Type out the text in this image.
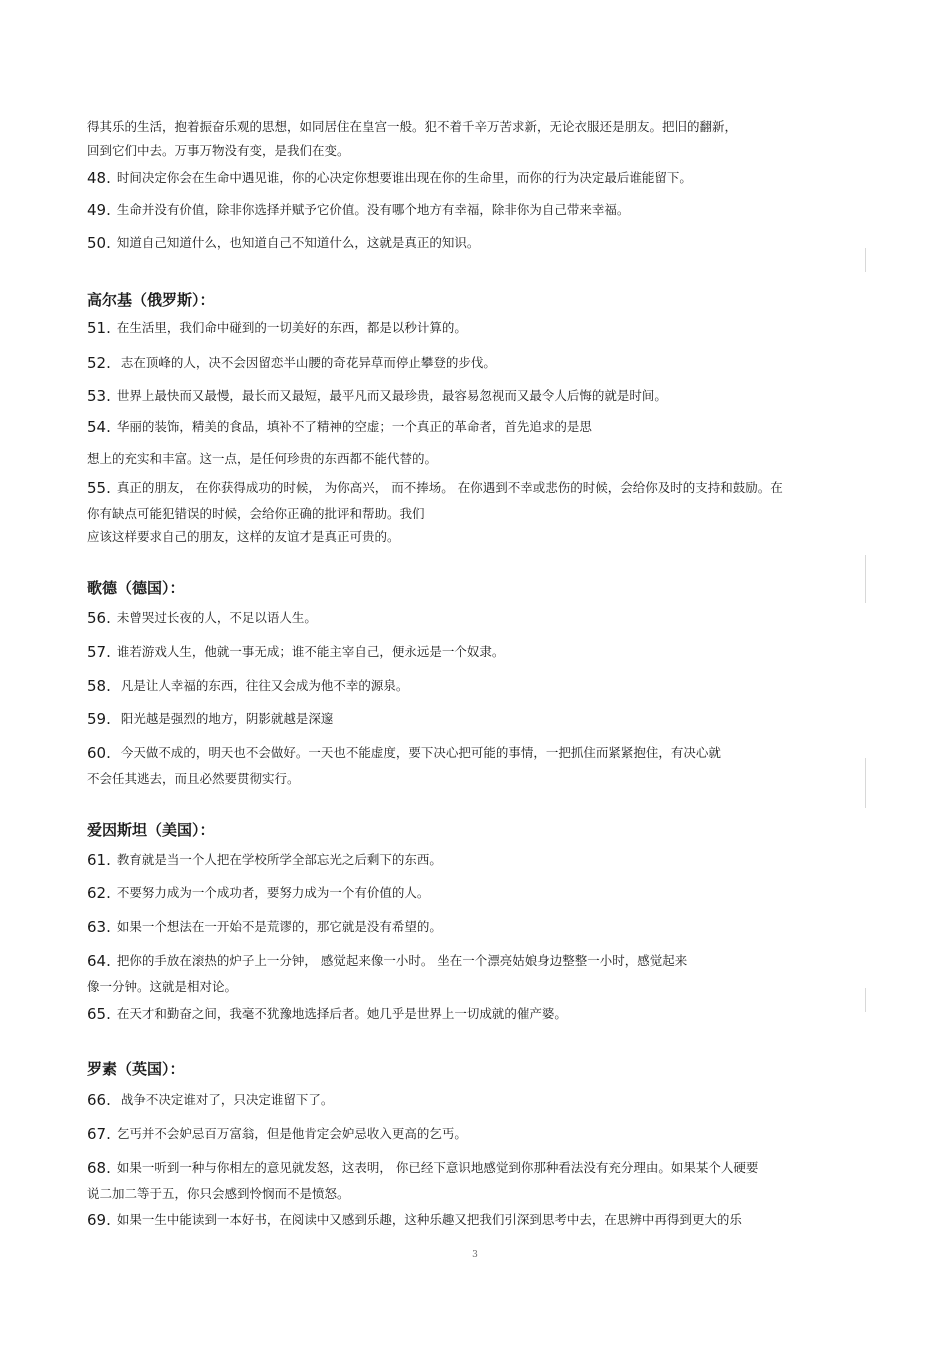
得其乐的生活，抱着振奋乐观的思想，如同居住在皇宫一般。犯不着千辛万苦求新，无论衣服还是朋友。把旧的翻新，
回到它们中去。万事万物没有变，是我们在变。
48. 时间决定你会在生命中遇见谁，你的心决定你想要谁出现在你的生命里，而你的行为决定最后谁能留下。
49. 生命并没有价值，除非你选择并赋予它价值。没有哪个地方有幸福，除非你为自己带来幸福。
50. 知道自己知道什么，也知道自己不知道什么，这就是真正的知识。
高尔基（俄罗斯）：
51. 在生活里，我们命中碰到的一切美好的东西，都是以秒计算的。
52. 志在顶峰的人，决不会因留恋半山腰的奇花异草而停止攀登的步伐。
53. 世界上最快而又最慢，最长而又最短，最平凡而又最珍贵，最容易忽视而又最令人后悔的就是时间。
54. 华丽的装饰，精美的食品，填补不了精神的空虚；一个真正的革命者，首先追求的是思
想上的充实和丰富。这一点，是任何珍贵的东西都不能代替的。
55. 真正的朋友， 在你获得成功的时候， 为你高兴， 而不捧场。 在你遇到不幸或悲伤的时候，会给你及时的支持和鼓励。在
你有缺点可能犯错误的时候，会给你正确的批评和帮助。我们
应该这样要求自己的朋友，这样的友谊才是真正可贵的。
歌德（德国）：
56. 未曾哭过长夜的人，不足以语人生。
57. 谁若游戏人生，他就一事无成；谁不能主宰自己，便永远是一个奴隶。
58. 凡是让人幸福的东西，往往又会成为他不幸的源泉。
59. 阳光越是强烈的地方，阴影就越是深邃
60. 今天做不成的，明天也不会做好。一天也不能虚度，要下决心把可能的事情，一把抓住而紧紧抱住，有决心就
不会任其逃去，而且必然要贯彻实行。
爱因斯坦（美国）：
61. 教育就是当一个人把在学校所学全部忘光之后剩下的东西。
62. 不要努力成为一个成功者，要努力成为一个有价值的人。
63. 如果一个想法在一开始不是荒谬的，那它就是没有希望的。
64. 把你的手放在滚热的炉子上一分钟， 感觉起来像一小时。 坐在一个漂亮姑娘身边整整一小时，感觉起来
像一分钟。这就是相对论。
65. 在天才和勤奋之间，我毫不犹豫地选择后者。她几乎是世界上一切成就的催产婆。
罗素（英国）：
66. 战争不决定谁对了，只决定谁留下了。
67. 乞丐并不会妒忌百万富翁，但是他肯定会妒忌收入更高的乞丐。
68. 如果一听到一种与你相左的意见就发怒，这表明， 你已经下意识地感觉到你那种看法没有充分理由。如果某个人硬要
说二加二等于五，你只会感到怜悯而不是愤怒。
69. 如果一生中能读到一本好书，在阅读中又感到乐趣，这种乐趣又把我们引深到思考中去，在思辨中再得到更大的乐
3
